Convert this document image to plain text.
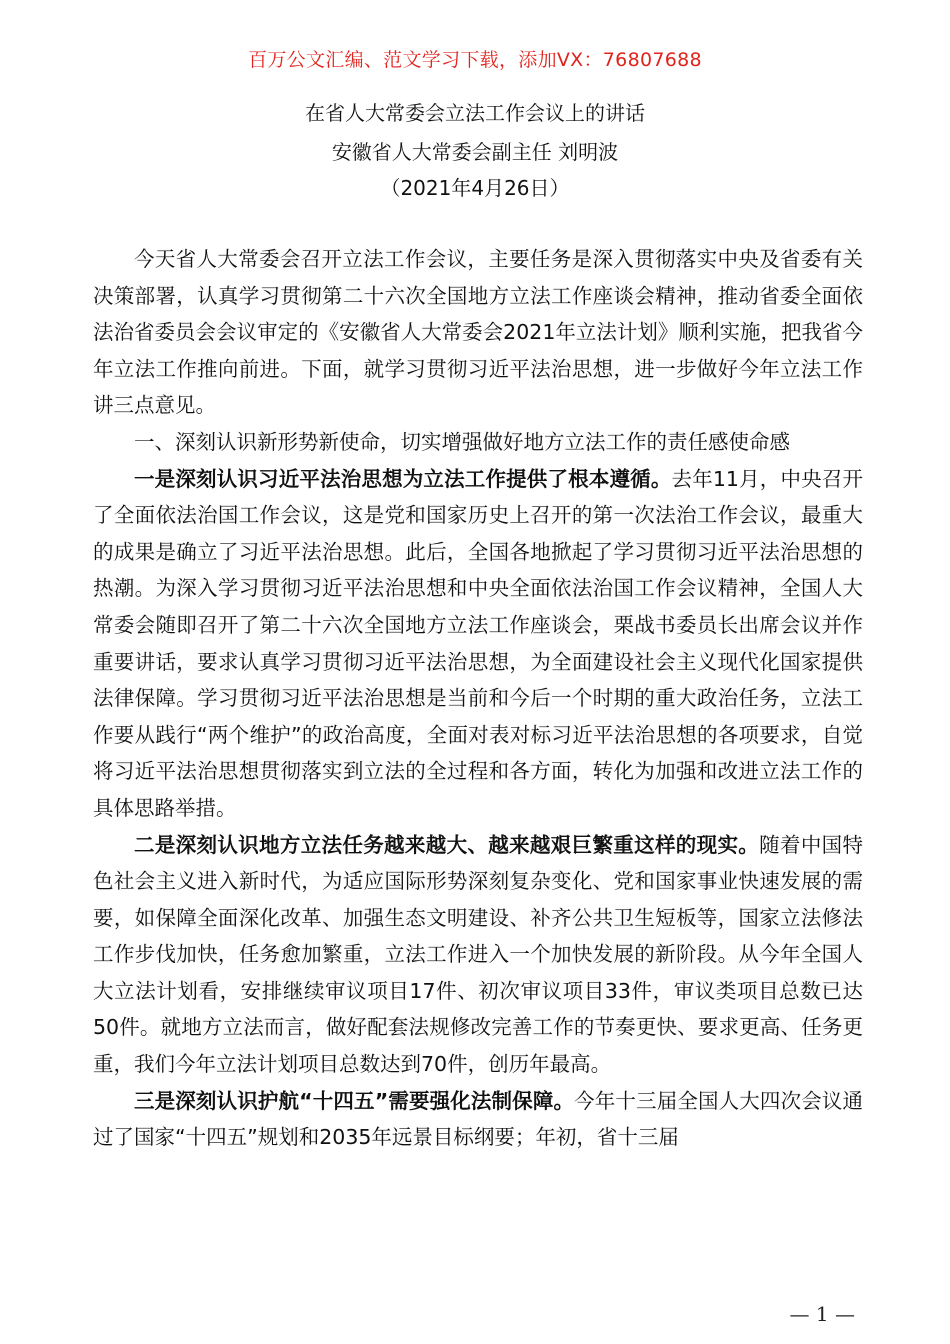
百万公文汇编、范文学习下载，添加VX：76807688
在省人大常委会立法工作会议上的讲话
安徽省人大常委会副主任 刘明波
（2021年4月26日）

今天省人大常委会召开立法工作会议，主要任务是深入贯彻落实中央及省委有关决策部署，认真学习贯彻第二十六次全国地方立法工作座谈会精神，推动省委全面依法治省委员会会议审定的《安徽省人大常委会2021年立法计划》顺利实施，把我省今年立法工作推向前进。下面，就学习贯彻习近平法治思想，进一步做好今年立法工作讲三点意见。

一、深刻认识新形势新使命，切实增强做好地方立法工作的责任感使命感

一是深刻认识习近平法治思想为立法工作提供了根本遵循。去年11月，中央召开了全面依法治国工作会议，这是党和国家历史上召开的第一次法治工作会议，最重大的成果是确立了习近平法治思想。此后，全国各地掀起了学习贯彻习近平法治思想的热潮。为深入学习贯彻习近平法治思想和中央全面依法治国工作会议精神，全国人大常委会随即召开了第二十六次全国地方立法工作座谈会，栗战书委员长出席会议并作重要讲话，要求认真学习贯彻习近平法治思想，为全面建设社会主义现代化国家提供法律保障。学习贯彻习近平法治思想是当前和今后一个时期的重大政治任务，立法工作要从践行“两个维护”的政治高度，全面对表对标习近平法治思想的各项要求，自觉将习近平法治思想贯彻落实到立法的全过程和各方面，转化为加强和改进立法工作的具体思路举措。

二是深刻认识地方立法任务越来越大、越来越艰巨繁重这样的现实。随着中国特色社会主义进入新时代，为适应国际形势深刻复杂变化、党和国家事业快速发展的需要，如保障全面深化改革、加强生态文明建设、补齐公共卫生短板等，国家立法修法工作步伐加快，任务愈加繁重，立法工作进入一个加快发展的新阶段。从今年全国人大立法计划看，安排继续审议项目17件、初次审议项目33件，审议类项目总数已达50件。就地方立法而言，做好配套法规修改完善工作的节奏更快、要求更高、任务更重，我们今年立法计划项目总数达到70件，创历年最高。

三是深刻认识护航“十四五”需要强化法制保障。今年十三届全国人大四次会议通过了国家“十四五”规划和2035年远景目标纲要；年初，省十三届

— 1 —
